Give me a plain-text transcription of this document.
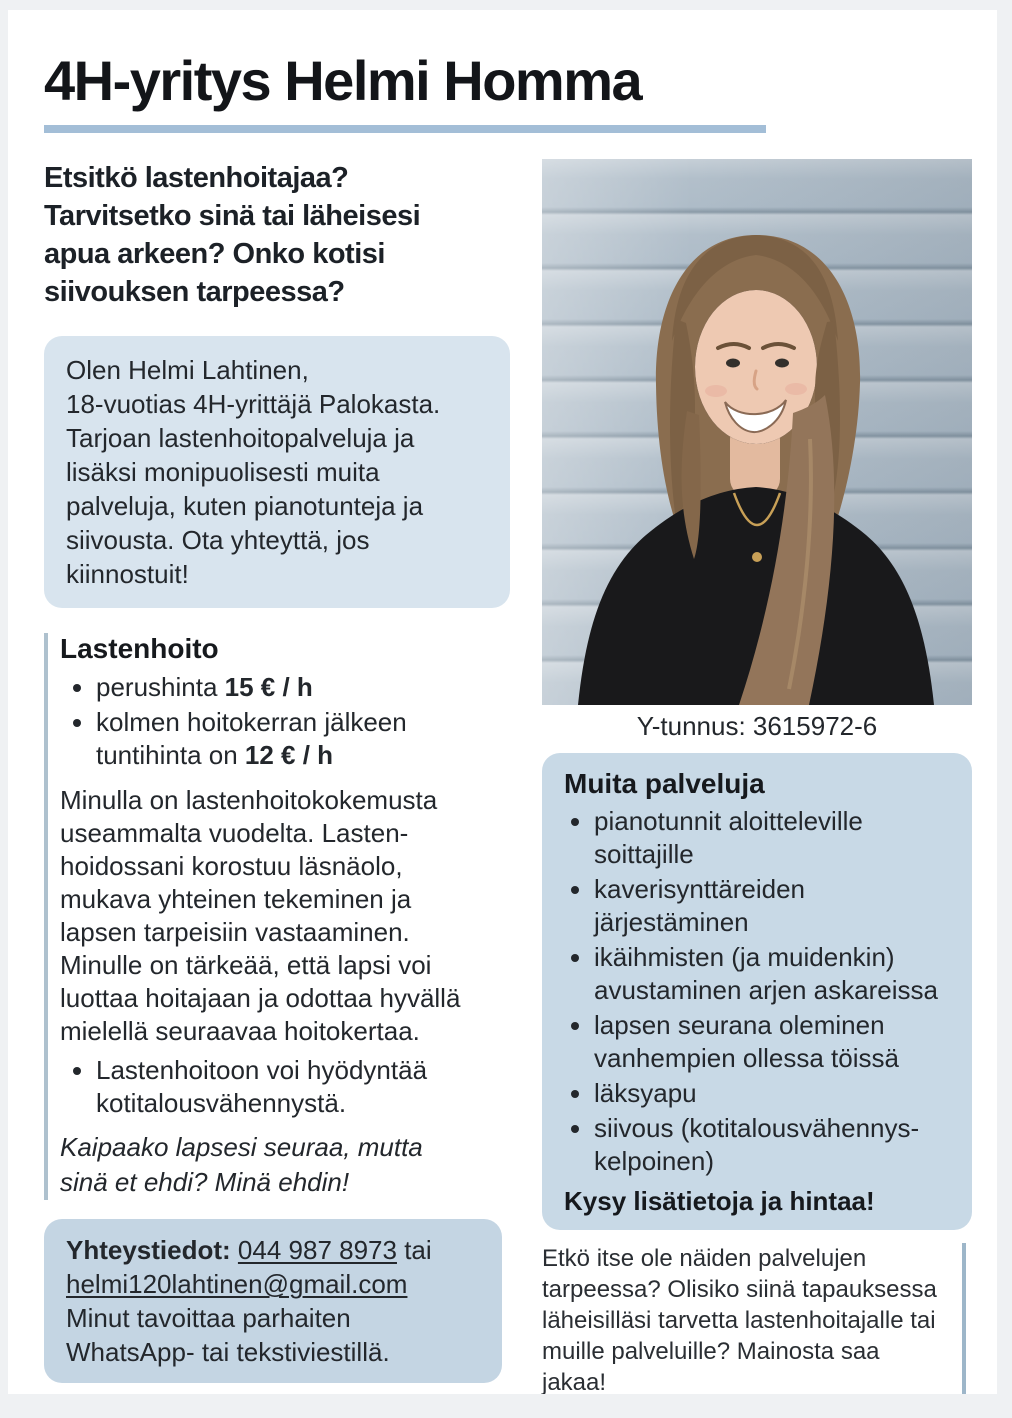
4H-yritys Helmi Homma
Etsitkö lastenhoitajaa?
Tarvitsetko sinä tai läheisesi
apua arkeen? Onko kotisi
siivouksen tarpeessa?
Olen Helmi Lahtinen,
18-vuotias 4H-yrittäjä Palokasta.
Tarjoan lastenhoitopalveluja ja
lisäksi monipuolisesti muita
palveluja, kuten pianotunteja ja
siivousta. Ota yhteyttä, jos
kiinnostuit!
Lastenhoito
• perushinta 15 € / h
• kolmen hoitokerran jälkeen tuntihinta on 12 € / h
Minulla on lastenhoitokokemusta
useammalta vuodelta. Lasten-
hoidossani korostuu läsnäolo,
mukava yhteinen tekeminen ja
lapsen tarpeisiin vastaaminen.
Minulle on tärkeää, että lapsi voi
luottaa hoitajaan ja odottaa hyvällä
mielellä seuraavaa hoitokertaa.
• Lastenhoitoon voi hyödyntää kotitalousvähennystä.
Kaipaako lapsesi seuraa, mutta
sinä et ehdi? Minä ehdin!
Yhteystiedot: 044 987 8973 tai helmi120lahtinen@gmail.com
Minut tavoittaa parhaiten WhatsApp- tai tekstiviestillä.
Y-tunnus: 3615972-6
Muita palveluja
• pianotunnit aloitteleville soittajille
• kaverisynttäreiden järjestäminen
• ikäihmisten (ja muidenkin) avustaminen arjen askareissa
• lapsen seurana oleminen vanhempien ollessa töissä
• läksyapu
• siivous (kotitalousvähennys-kelpoinen)

Kysy lisätietoja ja hintaa!

Etkö itse ole näiden palvelujen tarpeessa? Olisiko siinä tapauksessa läheisilläsi tarvetta lastenhoitajalle tai muille palveluille? Mainosta saa jakaa!
